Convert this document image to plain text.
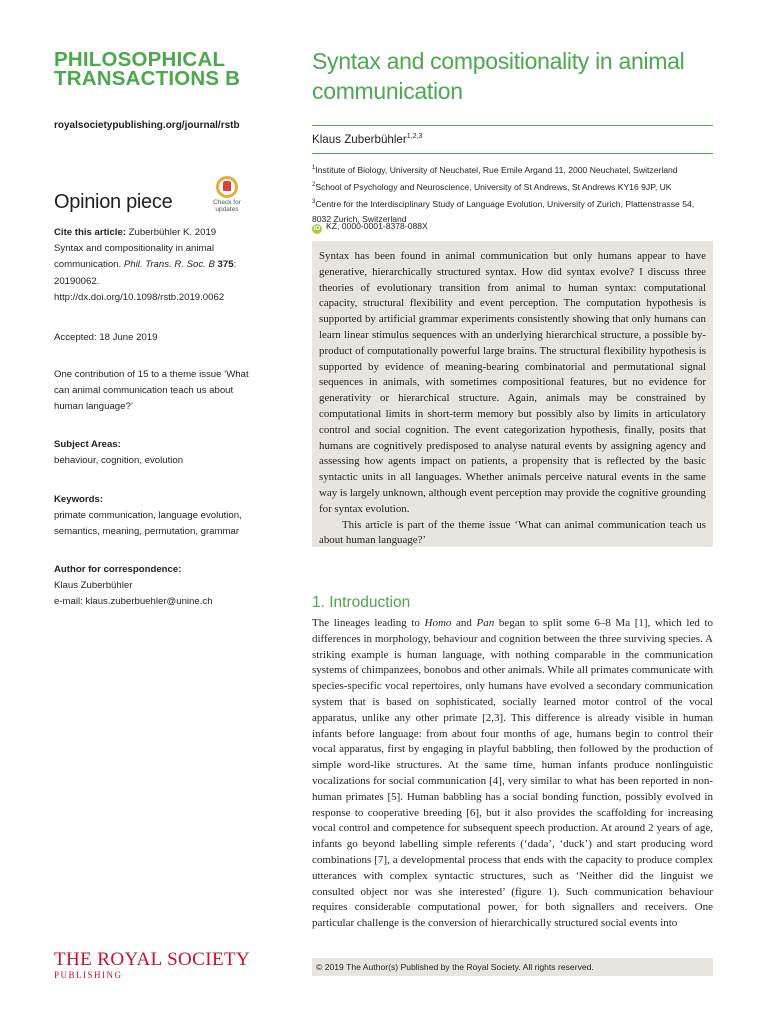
PHILOSOPHICAL
TRANSACTIONS B
royalsocietypublishing.org/journal/rstb
Opinion piece	Check for
updates
Cite this article: Zuberbühler K. 2019
Syntax and compositionality in animal
communication. Phil. Trans. R. Soc. B 375:
20190062.
http://dx.doi.org/10.1098/rstb.2019.0062
Accepted: 18 June 2019
One contribution of 15 to a theme issue ‘What
can animal communication teach us about
human language?’
Subject Areas:
behaviour, cognition, evolution
Keywords:
primate communication, language evolution,
semantics, meaning, permutation, grammar
Author for correspondence:
Klaus Zuberbühler
e-mail: klaus.zuberbuehler@unine.ch
Syntax and compositionality in animal communication
Klaus Zuberbühler$^{1,2,3}$
$^1$Institute of Biology, University of Neuchatel, Rue Emile Argand 11, 2000 Neuchatel, Switzerland
$^2$School of Psychology and Neuroscience, University of St Andrews, St Andrews KY16 9JP, UK
$^3$Centre for the Interdisciplinary Study of Language Evolution, University of Zurich, Plattenstrasse 54,
8032 Zurich, Switzerland
iD KZ, 0000-0001-8378-088X

Syntax has been found in animal communication but only humans appear to have generative, hierarchically structured syntax. How did syntax evolve? I discuss three theories of evolutionary transition from animal to human syntax: computational capacity, structural flexibility and event perception. The computation hypothesis is supported by artificial grammar experiments consistently showing that only humans can learn linear stimulus sequences with an underlying hierarchical structure, a possible by-product of computationally powerful large brains. The structural flexibility hypothesis is supported by evidence of meaning-bearing combinatorial and permutational signal sequences in animals, with sometimes compositional features, but no evidence for generativity or hierarchical structure. Again, animals may be constrained by computational limits in short-term memory but possibly also by limits in articulatory control and social cognition. The event categorization hypothesis, finally, posits that humans are cognitively predisposed to analyse natural events by assigning agency and assessing how agents impact on patients, a propensity that is reflected by the basic syntactic units in all languages. Whether animals perceive natural events in the same way is largely unknown, although event perception may provide the cognitive grounding for syntax evolution.

This article is part of the theme issue ‘What can animal communication teach us about human language?’

1. Introduction

The lineages leading to Homo and Pan began to split some 6–8 Ma [1], which led to differences in morphology, behaviour and cognition between the three surviving species. A striking example is human language, with nothing comparable in the communication systems of chimpanzees, bonobos and other animals. While all primates communicate with species-specific vocal repertoires, only humans have evolved a secondary communication system that is based on sophisticated, socially learned motor control of the vocal apparatus, unlike any other primate [2,3]. This difference is already visible in human infants before language: from about four months of age, humans begin to control their vocal apparatus, first by engaging in playful babbling, then followed by the production of simple word-like structures. At the same time, human infants produce nonlinguistic vocalizations for social communication [4], very similar to what has been reported in non-human primates [5]. Human babbling has a social bonding function, possibly evolved in response to cooperative breeding [6], but it also provides the scaffolding for increasing vocal control and competence for subsequent speech production. At around 2 years of age, infants go beyond labelling simple referents (‘dada’, ‘duck’) and start producing word combinations [7], a developmental process that ends with the capacity to produce complex utterances with complex syntactic structures, such as ‘Neither did the linguist we consulted object nor was she interested’ (figure 1). Such communication behaviour requires considerable computational power, for both signallers and receivers. One particular challenge is the conversion of hierarchically structured social events into

THE ROYAL SOCIETY
PUBLISHING
© 2019 The Author(s) Published by the Royal Society. All rights reserved.
